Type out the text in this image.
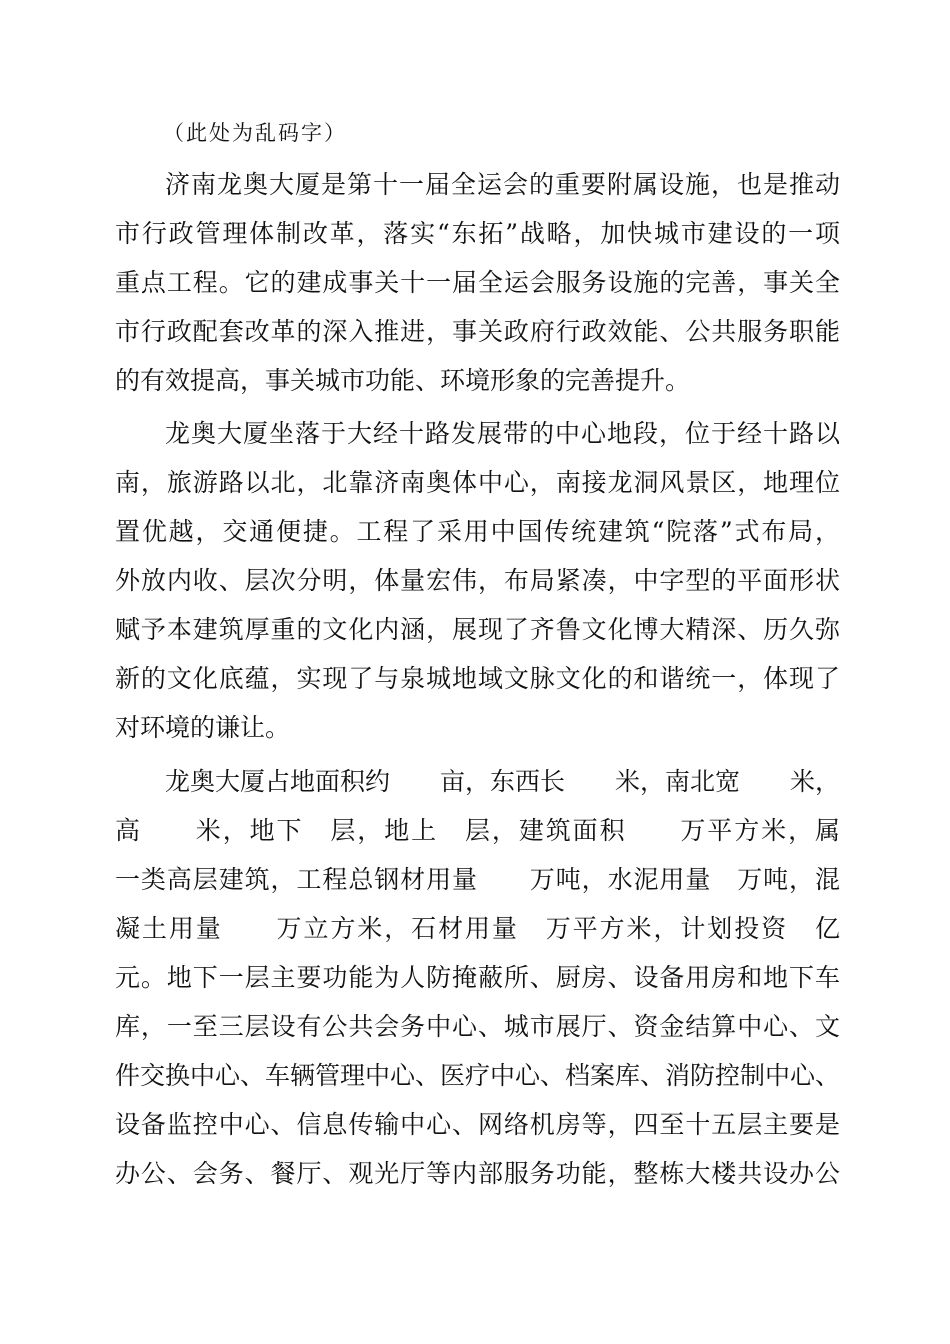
（此处为乱码字）
济南龙奥大厦是第十一届全运会的重要附属设施，也是推动
市行政管理体制改革，落实“东拓”战略，加快城市建设的一项
重点工程。它的建成事关十一届全运会服务设施的完善，事关全
市行政配套改革的深入推进，事关政府行政效能、公共服务职能
的有效提高，事关城市功能、环境形象的完善提升。
龙奥大厦坐落于大经十路发展带的中心地段，位于经十路以
南，旅游路以北，北靠济南奥体中心，南接龙洞风景区，地理位
置优越，交通便捷。工程了采用中国传统建筑“院落”式布局，
外放内收、层次分明，体量宏伟，布局紧凑，中字型的平面形状
赋予本建筑厚重的文化内涵，展现了齐鲁文化博大精深、历久弥
新的文化底蕴，实现了与泉城地域文脉文化的和谐统一，体现了
对环境的谦让。
龙奥大厦占地面积约　　亩，东西长　　米，南北宽　　米，
高　　米，地下　层，地上　层，建筑面积　　万平方米，属
一类高层建筑，工程总钢材用量　　万吨，水泥用量　万吨，混
凝土用量　　万立方米，石材用量　万平方米，计划投资　亿
元。地下一层主要功能为人防掩蔽所、厨房、设备用房和地下车
库，一至三层设有公共会务中心、城市展厅、资金结算中心、文
件交换中心、车辆管理中心、医疗中心、档案库、消防控制中心、
设备监控中心、信息传输中心、网络机房等，四至十五层主要是
办公、会务、餐厅、观光厅等内部服务功能，整栋大楼共设办公
